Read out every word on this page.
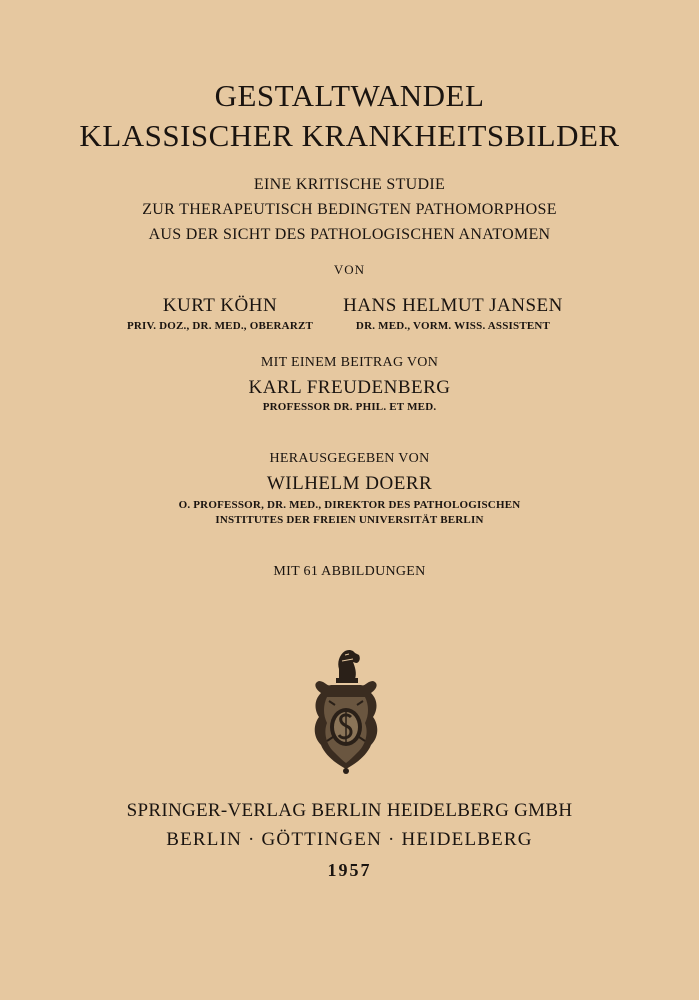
GESTALTWANDEL
KLASSISCHER KRANKHEITSBILDER
EINE KRITISCHE STUDIE
ZUR THERAPEUTISCH BEDINGTEN PATHOMORPHOSE
AUS DER SICHT DES PATHOLOGISCHEN ANATOMEN
VON
KURT KÖHN
PRIV. DOZ., DR. MED., OBERARZT
HANS HELMUT JANSEN
DR. MED., VORM. WISS. ASSISTENT
MIT EINEM BEITRAG VON
KARL FREUDENBERG
PROFESSOR DR. PHIL. ET MED.
HERAUSGEGEBEN VON
WILHELM DOERR
O. PROFESSOR, DR. MED., DIREKTOR DES PATHOLOGISCHEN
INSTITUTES DER FREIEN UNIVERSITÄT BERLIN
MIT 61 ABBILDUNGEN
SPRINGER-VERLAG BERLIN HEIDELBERG GMBH
BERLIN · GÖTTINGEN · HEIDELBERG
1957
